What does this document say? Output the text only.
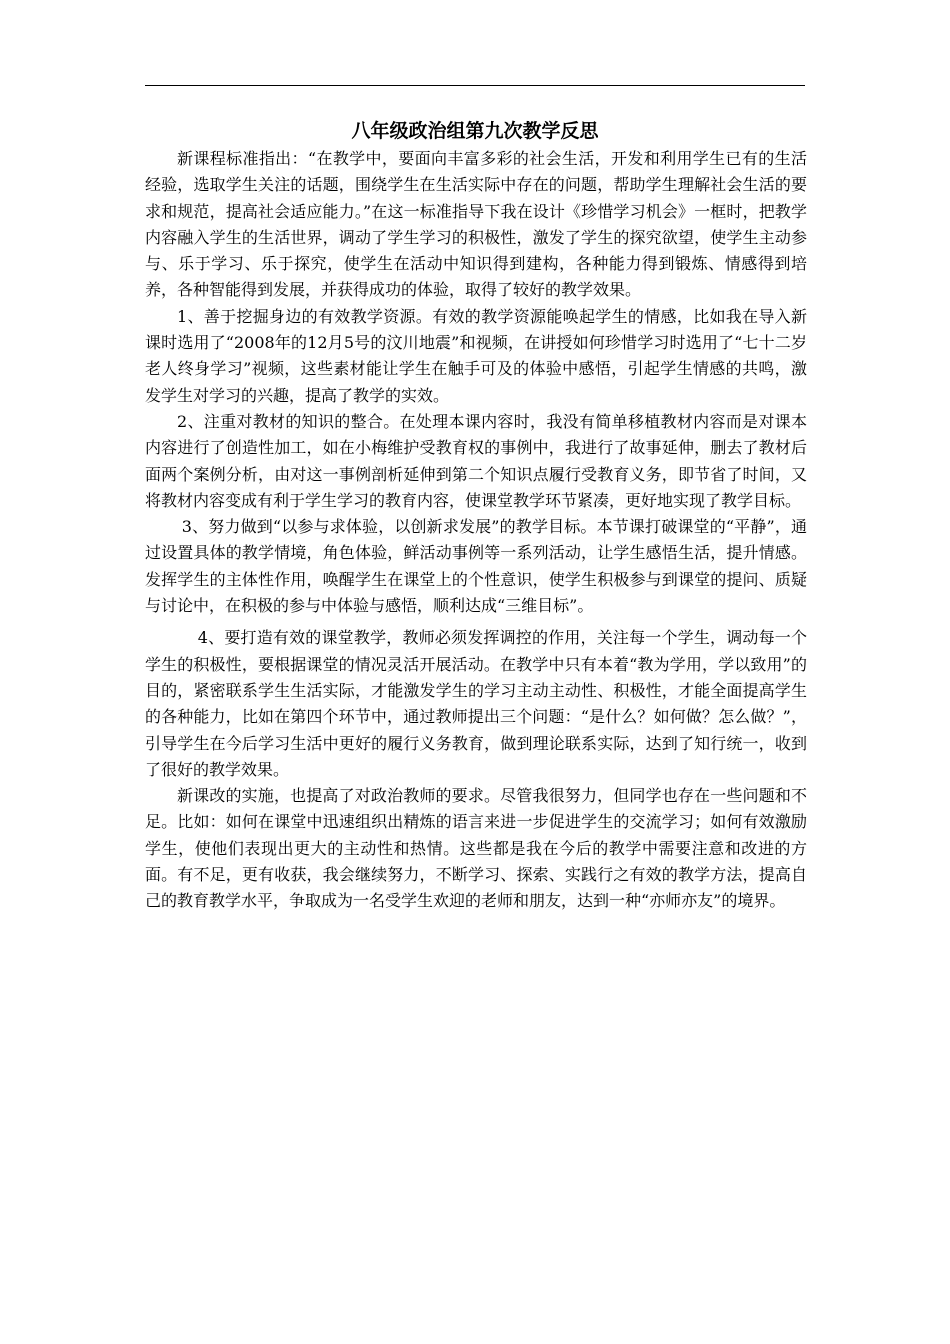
八年级政治组第九次教学反思

新课程标准指出：“在教学中，要面向丰富多彩的社会生活，开发和利用学生已有的生活经验，选取学生关注的话题，围绕学生在生活实际中存在的问题，帮助学生理解社会生活的要求和规范，提高社会适应能力。”在这一标准指导下我在设计《珍惜学习机会》一框时，把教学内容融入学生的生活世界，调动了学生学习的积极性，激发了学生的探究欲望，使学生主动参与、乐于学习、乐于探究，使学生在活动中知识得到建构，各种能力得到锻炼、情感得到培养，各种智能得到发展，并获得成功的体验，取得了较好的教学效果。

1、善于挖掘身边的有效教学资源。有效的教学资源能唤起学生的情感，比如我在导入新课时选用了“2008年的12月5号的汶川地震”和视频，在讲授如何珍惜学习时选用了“七十二岁老人终身学习”视频，这些素材能让学生在触手可及的体验中感悟，引起学生情感的共鸣，激发学生对学习的兴趣，提高了教学的实效。

2、注重对教材的知识的整合。在处理本课内容时，我没有简单移植教材内容而是对课本内容进行了创造性加工，如在小梅维护受教育权的事例中，我进行了故事延伸，删去了教材后面两个案例分析，由对这一事例剖析延伸到第二个知识点履行受教育义务，即节省了时间，又将教材内容变成有利于学生学习的教育内容，使课堂教学环节紧凑，更好地实现了教学目标。

3、努力做到“以参与求体验，以创新求发展”的教学目标。本节课打破课堂的“平静”，通过设置具体的教学情境，角色体验，鲜活动事例等一系列活动，让学生感悟生活，提升情感。发挥学生的主体性作用，唤醒学生在课堂上的个性意识，使学生积极参与到课堂的提问、质疑与讨论中，在积极的参与中体验与感悟，顺利达成“三维目标”。

4、要打造有效的课堂教学，教师必须发挥调控的作用，关注每一个学生，调动每一个学生的积极性，要根据课堂的情况灵活开展活动。在教学中只有本着“教为学用，学以致用”的目的，紧密联系学生生活实际，才能激发学生的学习主动主动性、积极性，才能全面提高学生的各种能力，比如在第四个环节中，通过教师提出三个问题：“是什么？如何做？怎么做？”，引导学生在今后学习生活中更好的履行义务教育，做到理论联系实际，达到了知行统一，收到了很好的教学效果。

新课改的实施，也提高了对政治教师的要求。尽管我很努力，但同学也存在一些问题和不足。比如：如何在课堂中迅速组织出精炼的语言来进一步促进学生的交流学习；如何有效激励学生，使他们表现出更大的主动性和热情。这些都是我在今后的教学中需要注意和改进的方面。有不足，更有收获，我会继续努力，不断学习、探索、实践行之有效的教学方法，提高自己的教育教学水平，争取成为一名受学生欢迎的老师和朋友，达到一种“亦师亦友”的境界。
